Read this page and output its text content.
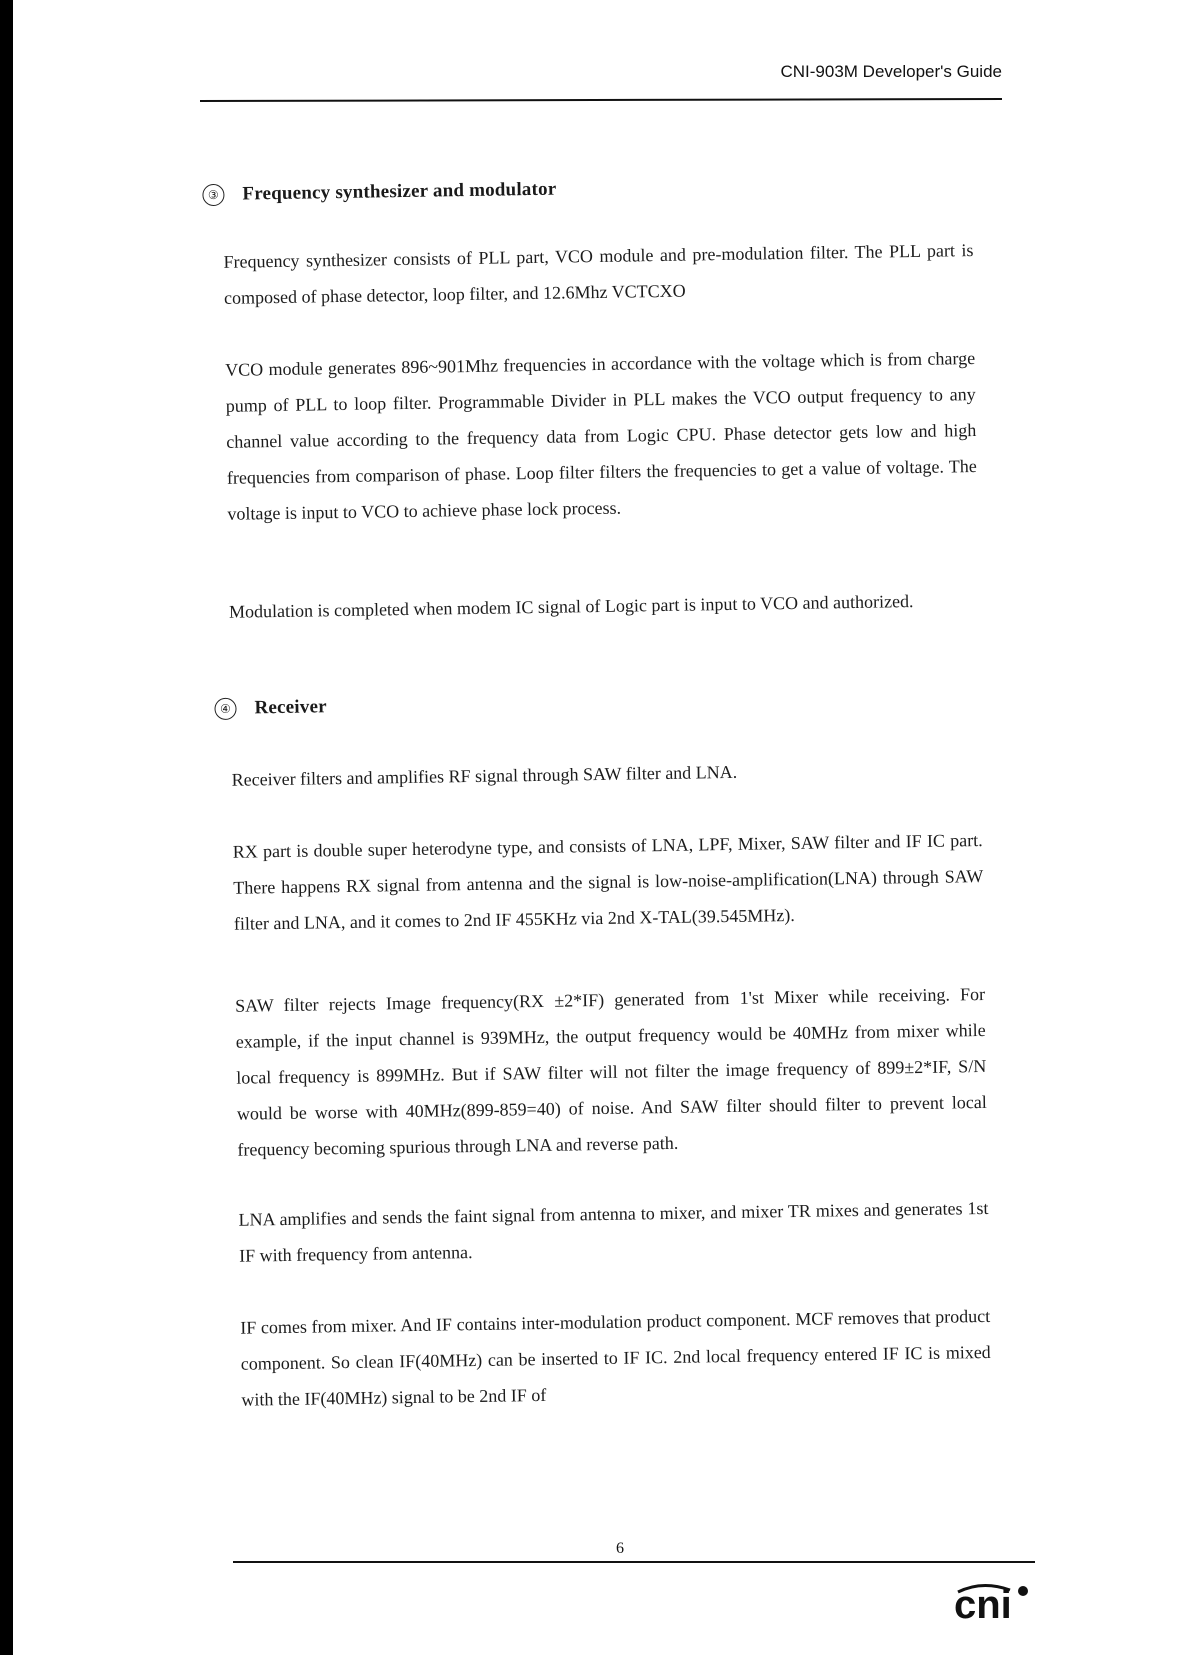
CNI-903M Developer's Guide
③ Frequency synthesizer and modulator
Frequency synthesizer consists of PLL part, VCO module and pre-modulation filter. The PLL part is composed of phase detector, loop filter, and 12.6Mhz VCTCXO
VCO module generates 896~901Mhz frequencies in accordance with the voltage which is from charge pump of PLL to loop filter. Programmable Divider in PLL makes the VCO output frequency to any channel value according to the frequency data from Logic CPU. Phase detector gets low and high frequencies from comparison of phase. Loop filter filters the frequencies to get a value of voltage. The voltage is input to VCO to achieve phase lock process.
Modulation is completed when modem IC signal of Logic part is input to VCO and authorized.
④ Receiver
Receiver filters and amplifies RF signal through SAW filter and LNA.
RX part is double super heterodyne type, and consists of LNA, LPF, Mixer, SAW filter and IF IC part. There happens RX signal from antenna and the signal is low-noise-amplification(LNA) through SAW filter and LNA, and it comes to 2nd IF 455KHz via 2nd X-TAL(39.545MHz).
SAW filter rejects Image frequency(RX ±2*IF) generated from 1'st Mixer while receiving. For example, if the input channel is 939MHz, the output frequency would be 40MHz from mixer while local frequency is 899MHz. But if SAW filter will not filter the image frequency of 899±2*IF, S/N would be worse with 40MHz(899-859=40) of noise. And SAW filter should filter to prevent local frequency becoming spurious through LNA and reverse path.
LNA amplifies and sends the faint signal from antenna to mixer, and mixer TR mixes and generates 1st IF with frequency from antenna.
IF comes from mixer. And IF contains inter-modulation product component. MCF removes that product component. So clean IF(40MHz) can be inserted to IF IC. 2nd local frequency entered IF IC is mixed with the IF(40MHz) signal to be 2nd IF of
6
cni
